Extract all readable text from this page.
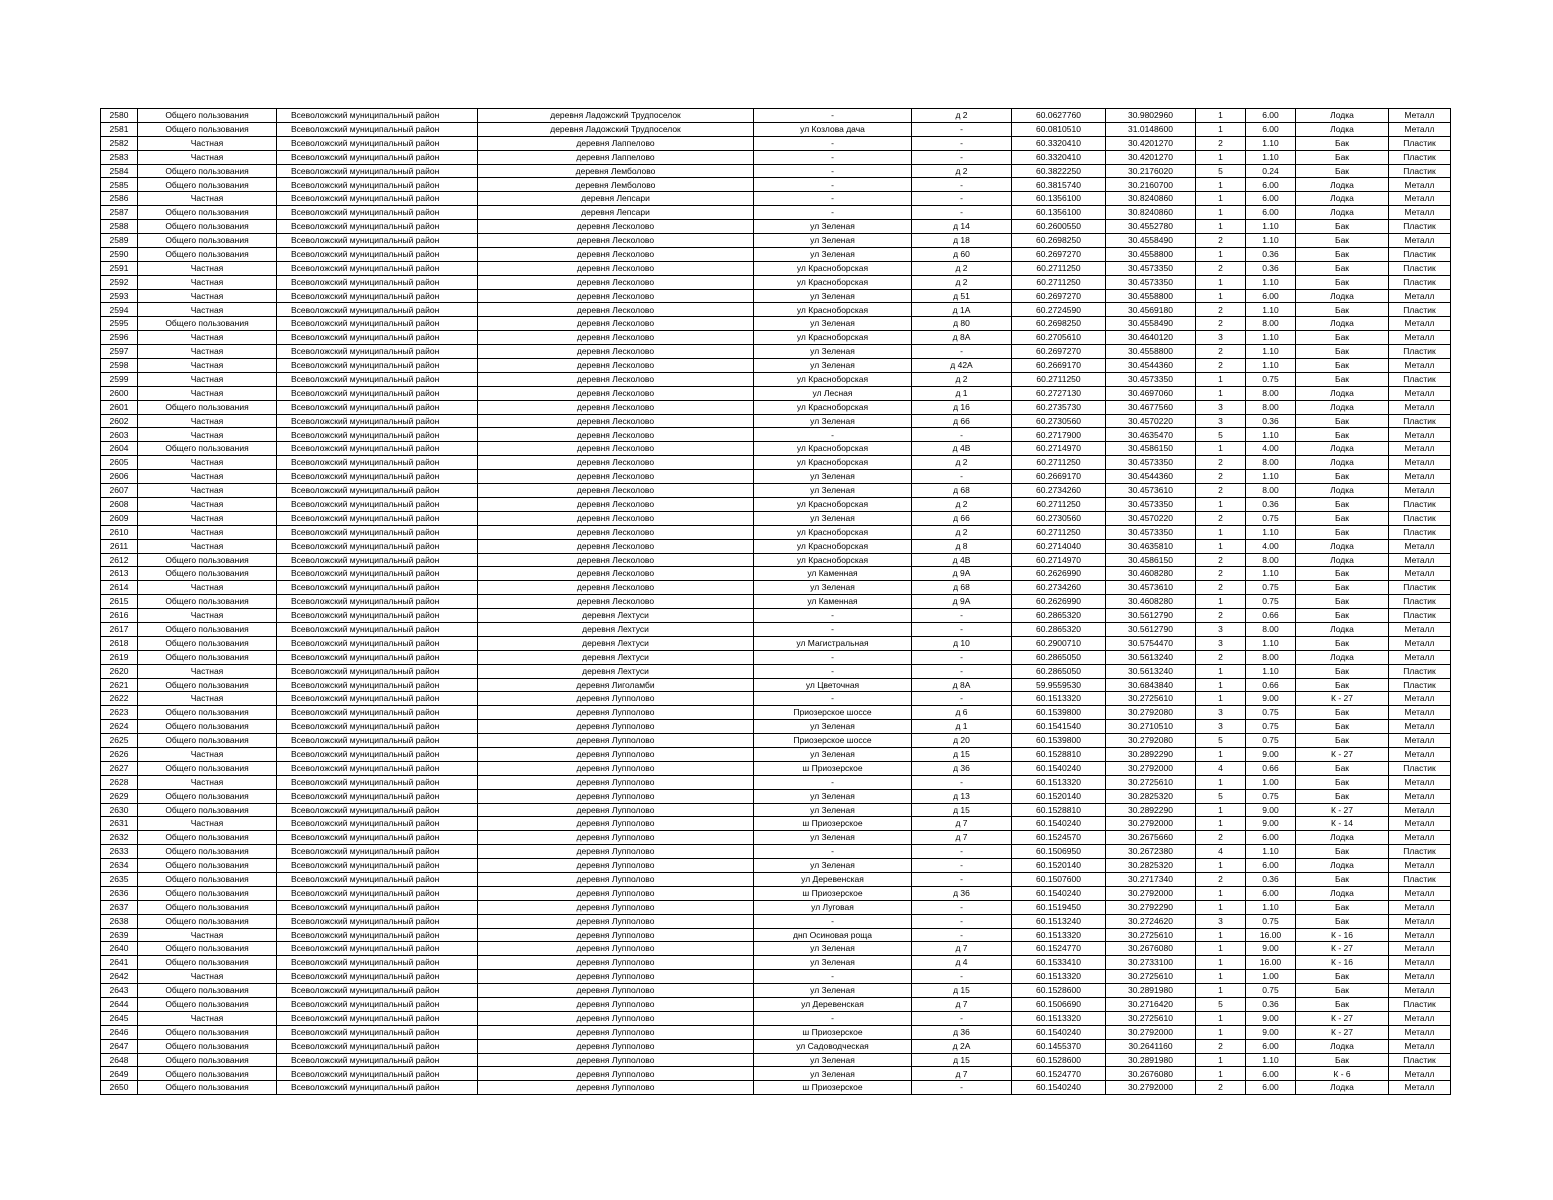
2580	Общего пользования	Всеволожский муниципальный район	деревня Ладожский Трудпоселок	-	д 2	60.0627760	30.9802960	1	6.00	Лодка	Металл
2581	Общего пользования	Всеволожский муниципальный район	деревня Ладожский Трудпоселок	ул Козлова дача	-	60.0810510	31.0148600	1	6.00	Лодка	Металл
2582	Частная	Всеволожский муниципальный район	деревня Лаппелово	-	-	60.3320410	30.4201270	2	1.10	Бак	Пластик
2583	Частная	Всеволожский муниципальный район	деревня Лаппелово	-	-	60.3320410	30.4201270	1	1.10	Бак	Пластик
2584	Общего пользования	Всеволожский муниципальный район	деревня Лемболово	-	д 2	60.3822250	30.2176020	5	0.24	Бак	Пластик
2585	Общего пользования	Всеволожский муниципальный район	деревня Лемболово	-	-	60.3815740	30.2160700	1	6.00	Лодка	Металл
2586	Частная	Всеволожский муниципальный район	деревня Лепсари	-	-	60.1356100	30.8240860	1	6.00	Лодка	Металл
2587	Общего пользования	Всеволожский муниципальный район	деревня Лепсари	-	-	60.1356100	30.8240860	1	6.00	Лодка	Металл
2588	Общего пользования	Всеволожский муниципальный район	деревня Лесколово	ул Зеленая	д 14	60.2600550	30.4552780	1	1.10	Бак	Пластик
2589	Общего пользования	Всеволожский муниципальный район	деревня Лесколово	ул Зеленая	д 18	60.2698250	30.4558490	2	1.10	Бак	Металл
2590	Общего пользования	Всеволожский муниципальный район	деревня Лесколово	ул Зеленая	д 60	60.2697270	30.4558800	1	0.36	Бак	Пластик
2591	Частная	Всеволожский муниципальный район	деревня Лесколово	ул Красноборская	д 2	60.2711250	30.4573350	2	0.36	Бак	Пластик
2592	Частная	Всеволожский муниципальный район	деревня Лесколово	ул Красноборская	д 2	60.2711250	30.4573350	1	1.10	Бак	Пластик
2593	Частная	Всеволожский муниципальный район	деревня Лесколово	ул Зеленая	д 51	60.2697270	30.4558800	1	6.00	Лодка	Металл
2594	Частная	Всеволожский муниципальный район	деревня Лесколово	ул Красноборская	д 1А	60.2724590	30.4569180	2	1.10	Бак	Пластик
2595	Общего пользования	Всеволожский муниципальный район	деревня Лесколово	ул Зеленая	д 80	60.2698250	30.4558490	2	8.00	Лодка	Металл
2596	Частная	Всеволожский муниципальный район	деревня Лесколово	ул Красноборская	д 8А	60.2705610	30.4640120	3	1.10	Бак	Металл
2597	Частная	Всеволожский муниципальный район	деревня Лесколово	ул Зеленая	-	60.2697270	30.4558800	2	1.10	Бак	Пластик
2598	Частная	Всеволожский муниципальный район	деревня Лесколово	ул Зеленая	д 42А	60.2669170	30.4544360	2	1.10	Бак	Металл
2599	Частная	Всеволожский муниципальный район	деревня Лесколово	ул Красноборская	д 2	60.2711250	30.4573350	1	0.75	Бак	Пластик
2600	Частная	Всеволожский муниципальный район	деревня Лесколово	ул Лесная	д 1	60.2727130	30.4697060	1	8.00	Лодка	Металл
2601	Общего пользования	Всеволожский муниципальный район	деревня Лесколово	ул Красноборская	д 16	60.2735730	30.4677560	3	8.00	Лодка	Металл
2602	Частная	Всеволожский муниципальный район	деревня Лесколово	ул Зеленая	д 66	60.2730560	30.4570220	3	0.36	Бак	Пластик
2603	Частная	Всеволожский муниципальный район	деревня Лесколово	-	-	60.2717900	30.4635470	5	1.10	Бак	Металл
2604	Общего пользования	Всеволожский муниципальный район	деревня Лесколово	ул Красноборская	д 4В	60.2714970	30.4586150	1	4.00	Лодка	Металл
2605	Частная	Всеволожский муниципальный район	деревня Лесколово	ул Красноборская	д 2	60.2711250	30.4573350	2	8.00	Лодка	Металл
2606	Частная	Всеволожский муниципальный район	деревня Лесколово	ул Зеленая	-	60.2669170	30.4544360	2	1.10	Бак	Металл
2607	Частная	Всеволожский муниципальный район	деревня Лесколово	ул Зеленая	д 68	60.2734260	30.4573610	2	8.00	Лодка	Металл
2608	Частная	Всеволожский муниципальный район	деревня Лесколово	ул Красноборская	д 2	60.2711250	30.4573350	1	0.36	Бак	Пластик
2609	Частная	Всеволожский муниципальный район	деревня Лесколово	ул Зеленая	д 66	60.2730560	30.4570220	2	0.75	Бак	Пластик
2610	Частная	Всеволожский муниципальный район	деревня Лесколово	ул Красноборская	д 2	60.2711250	30.4573350	1	1.10	Бак	Пластик
2611	Частная	Всеволожский муниципальный район	деревня Лесколово	ул Красноборская	д 8	60.2714040	30.4635810	1	4.00	Лодка	Металл
2612	Общего пользования	Всеволожский муниципальный район	деревня Лесколово	ул Красноборская	д 4В	60.2714970	30.4586150	2	8.00	Лодка	Металл
2613	Общего пользования	Всеволожский муниципальный район	деревня Лесколово	ул Каменная	д 9А	60.2626990	30.4608280	2	1.10	Бак	Металл
2614	Частная	Всеволожский муниципальный район	деревня Лесколово	ул Зеленая	д 68	60.2734260	30.4573610	2	0.75	Бак	Пластик
2615	Общего пользования	Всеволожский муниципальный район	деревня Лесколово	ул Каменная	д 9А	60.2626990	30.4608280	1	0.75	Бак	Пластик
2616	Частная	Всеволожский муниципальный район	деревня Лехтуси	-	-	60.2865320	30.5612790	2	0.66	Бак	Пластик
2617	Общего пользования	Всеволожский муниципальный район	деревня Лехтуси	-	-	60.2865320	30.5612790	3	8.00	Лодка	Металл
2618	Общего пользования	Всеволожский муниципальный район	деревня Лехтуси	ул Магистральная	д 10	60.2900710	30.5754470	3	1.10	Бак	Металл
2619	Общего пользования	Всеволожский муниципальный район	деревня Лехтуси	-	-	60.2865050	30.5613240	2	8.00	Лодка	Металл
2620	Частная	Всеволожский муниципальный район	деревня Лехтуси	-	-	60.2865050	30.5613240	1	1.10	Бак	Пластик
2621	Общего пользования	Всеволожский муниципальный район	деревня Лиголамби	ул Цветочная	д 8А	59.9559530	30.6843840	1	0.66	Бак	Пластик
2622	Частная	Всеволожский муниципальный район	деревня Лупполово	-	-	60.1513320	30.2725610	1	9.00	К - 27	Металл
2623	Общего пользования	Всеволожский муниципальный район	деревня Лупполово	Приозерское шоссе	д 6	60.1539800	30.2792080	3	0.75	Бак	Металл
2624	Общего пользования	Всеволожский муниципальный район	деревня Лупполово	ул Зеленая	д 1	60.1541540	30.2710510	3	0.75	Бак	Металл
2625	Общего пользования	Всеволожский муниципальный район	деревня Лупполово	Приозерское шоссе	д 20	60.1539800	30.2792080	5	0.75	Бак	Металл
2626	Частная	Всеволожский муниципальный район	деревня Лупполово	ул Зеленая	д 15	60.1528810	30.2892290	1	9.00	К - 27	Металл
2627	Общего пользования	Всеволожский муниципальный район	деревня Лупполово	ш Приозерское	д 36	60.1540240	30.2792000	4	0.66	Бак	Пластик
2628	Частная	Всеволожский муниципальный район	деревня Лупполово	-	-	60.1513320	30.2725610	1	1.00	Бак	Металл
2629	Общего пользования	Всеволожский муниципальный район	деревня Лупполово	ул Зеленая	д 13	60.1520140	30.2825320	5	0.75	Бак	Металл
2630	Общего пользования	Всеволожский муниципальный район	деревня Лупполово	ул Зеленая	д 15	60.1528810	30.2892290	1	9.00	К - 27	Металл
2631	Частная	Всеволожский муниципальный район	деревня Лупполово	ш Приозерское	д 7	60.1540240	30.2792000	1	9.00	К - 14	Металл
2632	Общего пользования	Всеволожский муниципальный район	деревня Лупполово	ул Зеленая	д 7	60.1524570	30.2675660	2	6.00	Лодка	Металл
2633	Общего пользования	Всеволожский муниципальный район	деревня Лупполово	-	-	60.1506950	30.2672380	4	1.10	Бак	Пластик
2634	Общего пользования	Всеволожский муниципальный район	деревня Лупполово	ул Зеленая	-	60.1520140	30.2825320	1	6.00	Лодка	Металл
2635	Общего пользования	Всеволожский муниципальный район	деревня Лупполово	ул Деревенская	-	60.1507600	30.2717340	2	0.36	Бак	Пластик
2636	Общего пользования	Всеволожский муниципальный район	деревня Лупполово	ш Приозерское	д 36	60.1540240	30.2792000	1	6.00	Лодка	Металл
2637	Общего пользования	Всеволожский муниципальный район	деревня Лупполово	ул Луговая	-	60.1519450	30.2792290	1	1.10	Бак	Металл
2638	Общего пользования	Всеволожский муниципальный район	деревня Лупполово	-	-	60.1513240	30.2724620	3	0.75	Бак	Металл
2639	Частная	Всеволожский муниципальный район	деревня Лупполово	днп Осиновая роща	-	60.1513320	30.2725610	1	16.00	К - 16	Металл
2640	Общего пользования	Всеволожский муниципальный район	деревня Лупполово	ул Зеленая	д 7	60.1524770	30.2676080	1	9.00	К - 27	Металл
2641	Общего пользования	Всеволожский муниципальный район	деревня Лупполово	ул Зеленая	д 4	60.1533410	30.2733100	1	16.00	К - 16	Металл
2642	Частная	Всеволожский муниципальный район	деревня Лупполово	-	-	60.1513320	30.2725610	1	1.00	Бак	Металл
2643	Общего пользования	Всеволожский муниципальный район	деревня Лупполово	ул Зеленая	д 15	60.1528600	30.2891980	1	0.75	Бак	Металл
2644	Общего пользования	Всеволожский муниципальный район	деревня Лупполово	ул Деревенская	д 7	60.1506690	30.2716420	5	0.36	Бак	Пластик
2645	Частная	Всеволожский муниципальный район	деревня Лупполово	-	-	60.1513320	30.2725610	1	9.00	К - 27	Металл
2646	Общего пользования	Всеволожский муниципальный район	деревня Лупполово	ш Приозерское	д 36	60.1540240	30.2792000	1	9.00	К - 27	Металл
2647	Общего пользования	Всеволожский муниципальный район	деревня Лупполово	ул Садоводческая	д 2А	60.1455370	30.2641160	2	6.00	Лодка	Металл
2648	Общего пользования	Всеволожский муниципальный район	деревня Лупполово	ул Зеленая	д 15	60.1528600	30.2891980	1	1.10	Бак	Пластик
2649	Общего пользования	Всеволожский муниципальный район	деревня Лупполово	ул Зеленая	д 7	60.1524770	30.2676080	1	6.00	К - 6	Металл
2650	Общего пользования	Всеволожский муниципальный район	деревня Лупполово	ш Приозерское	-	60.1540240	30.2792000	2	6.00	Лодка	Металл
